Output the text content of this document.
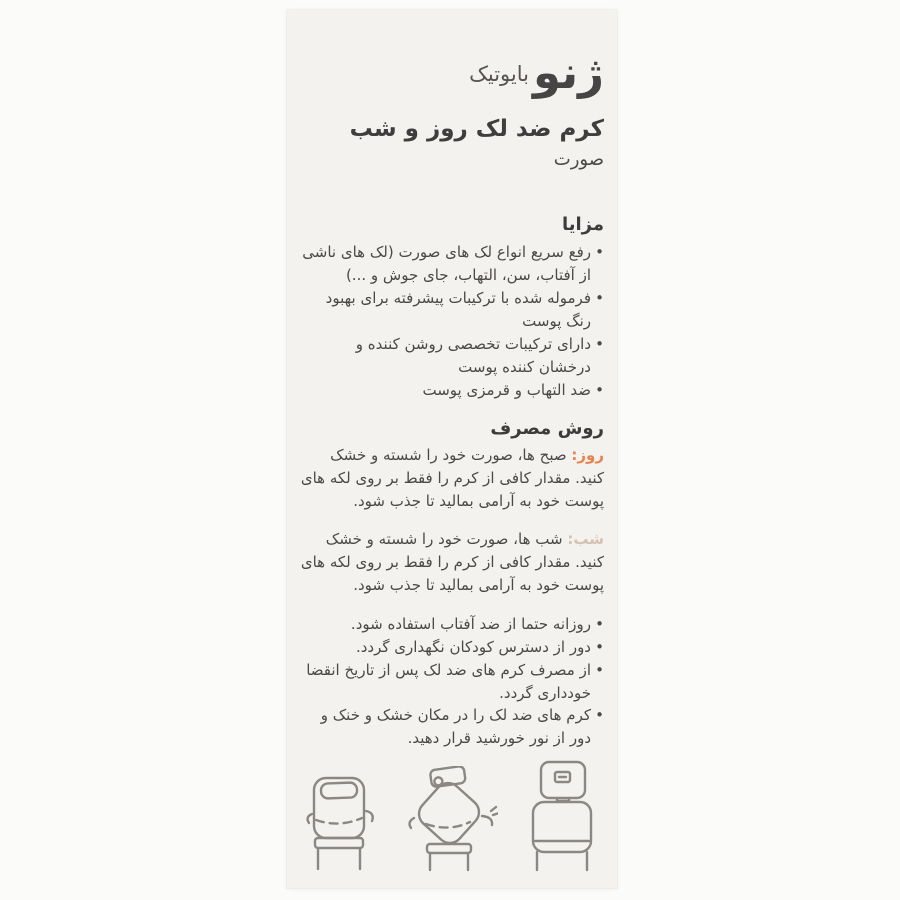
ژنوبایوتیک
کرم ضد لک روز و شب
صورت
مزایا
• رفع سریع انواع لک های صورت (لک های ناشی از آفتاب، سن، التهاب، جای جوش و ...)
• فرموله شده با ترکیبات پیشرفته برای بهبود رنگ پوست
• دارای ترکیبات تخصصی روشن کننده و درخشان کننده پوست
• ضد التهاب و قرمزی پوست
روش مصرف

روز: صبح ها، صورت خود را شسته و خشک کنید. مقدار کافی از کرم را فقط بر روی لکه های پوست خود به آرامی بمالید تا جذب شود.

شب: شب ها، صورت خود را شسته و خشک کنید. مقدار کافی از کرم را فقط بر روی لکه های پوست خود به آرامی بمالید تا جذب شود.

• روزانه حتما از ضد آفتاب استفاده شود.
• دور از دسترس کودکان نگهداری گردد.
• از مصرف کرم های ضد لک پس از تاریخ انقضا خودداری گردد.
• کرم های ضد لک را در مکان خشک و خنک و دور از نور خورشید قرار دهید.
